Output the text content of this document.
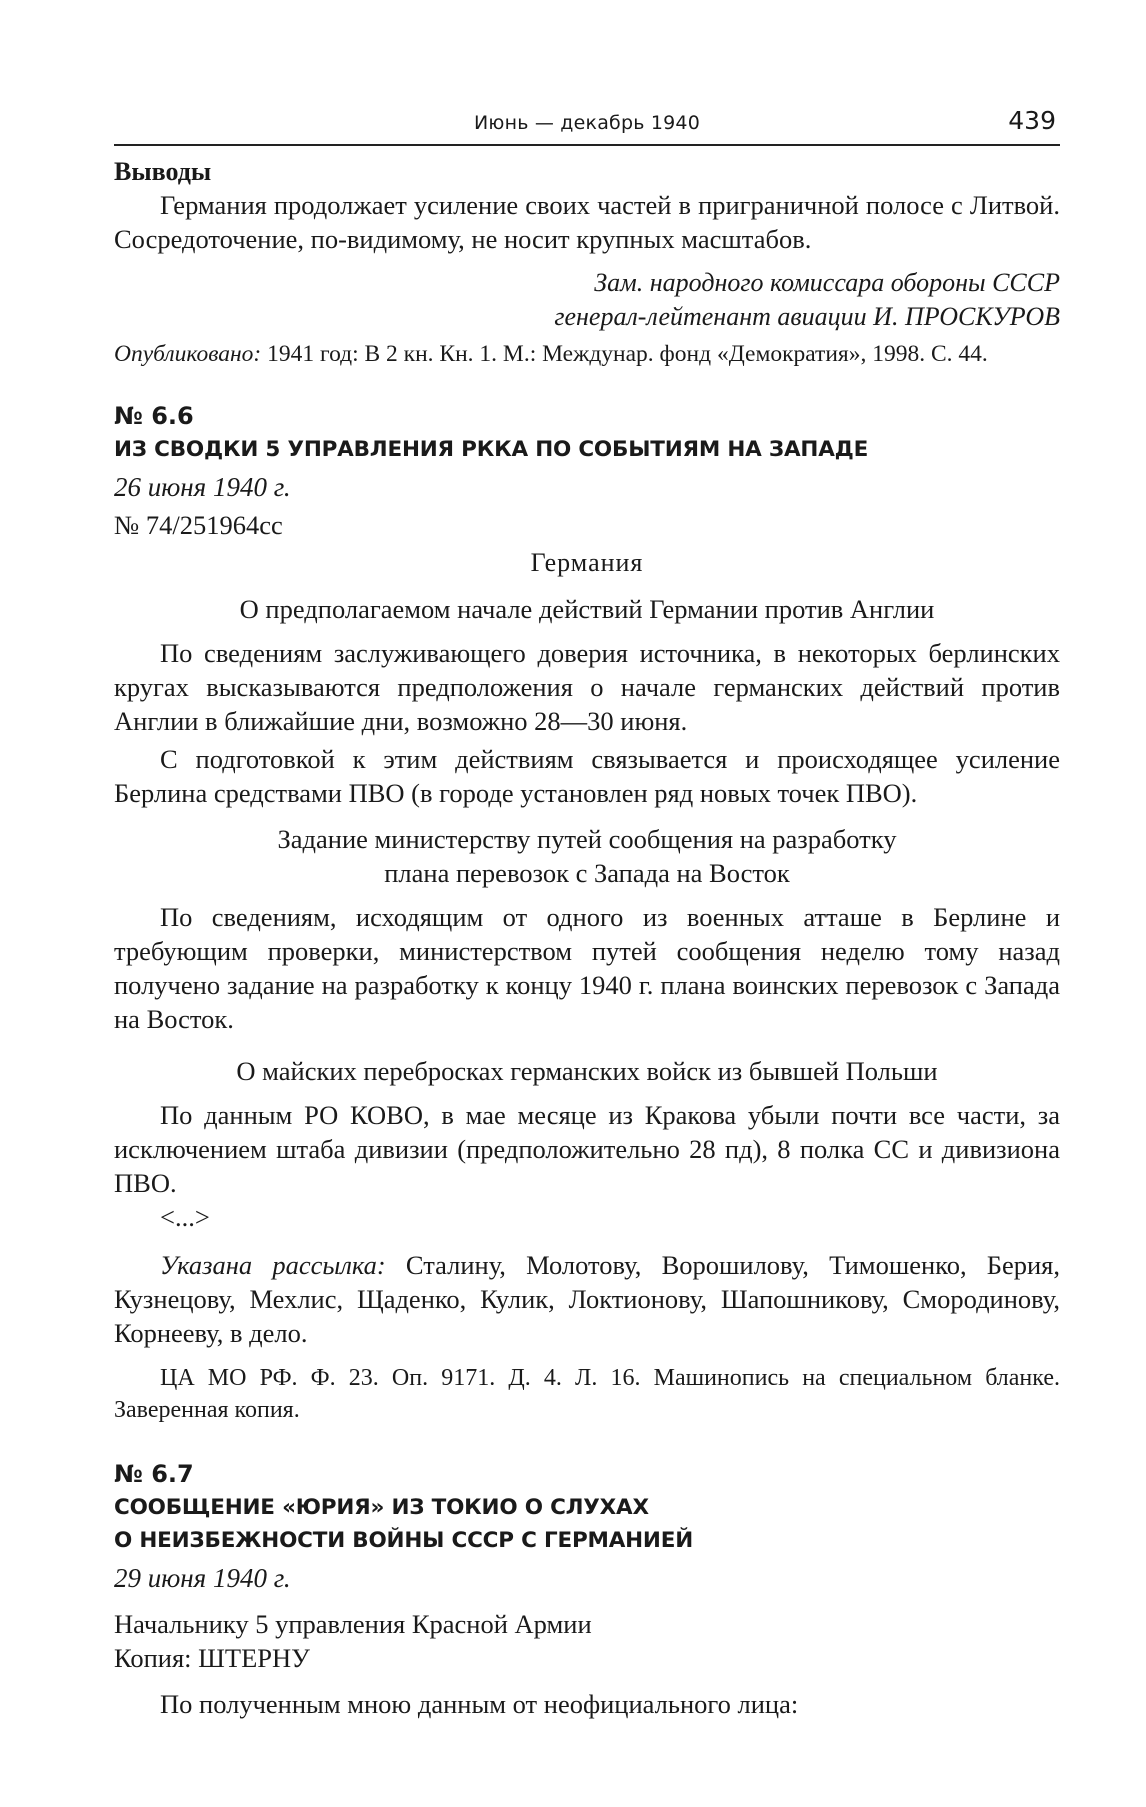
Июнь — декабрь 1940	439

Выводы

Германия продолжает усиление своих частей в приграничной полосе с Литвой. Сосредоточение, по-видимому, не носит крупных масштабов.

Зам. народного комиссара обороны СССР

генерал-лейтенант авиации И. ПРОСКУРОВ

Опубликовано: 1941 год: В 2 кн. Кн. 1. М.: Междунар. фонд «Демократия», 1998. С. 44.

№ 6.6

ИЗ СВОДКИ 5 УПРАВЛЕНИЯ РККА ПО СОБЫТИЯМ НА ЗАПАДЕ

26 июня 1940 г.

№ 74/251964сс

Германия

О предполагаемом начале действий Германии против Англии

По сведениям заслуживающего доверия источника, в некоторых берлинских кругах высказываются предположения о начале германских действий против Англии в ближайшие дни, возможно 28—30 июня.

С подготовкой к этим действиям связывается и происходящее усиление Берлина средствами ПВО (в городе установлен ряд новых точек ПВО).

Задание министерству путей сообщения на разработку

плана перевозок с Запада на Восток

По сведениям, исходящим от одного из военных атташе в Берлине и требующим проверки, министерством путей сообщения неделю тому назад получено задание на разработку к концу 1940 г. плана воинских перевозок с Запада на Восток.

О майских переброcках германских войск из бывшей Польши

По данным РО КОВО, в мае месяце из Кракова убыли почти все части, за исключением штаба дивизии (предположительно 28 пд), 8 полка СС и дивизиона ПВО.

<...>

Указана рассылка: Сталину, Молотову, Ворошилову, Тимошенко, Берия, Кузнецову, Мехлис, Щаденко, Кулик, Локтионову, Шапошникову, Смородинову, Корнееву, в дело.

ЦА МО РФ. Ф. 23. Оп. 9171. Д. 4. Л. 16. Машинопись на специальном бланке. Заверенная копия.

№ 6.7

СООБЩЕНИЕ «ЮРИЯ» ИЗ ТОКИО О СЛУХАХ

О НЕИЗБЕЖНОСТИ ВОЙНЫ СССР С ГЕРМАНИЕЙ

29 июня 1940 г.

Начальнику 5 управления Красной Армии

Копия: ШТЕРНУ

По полученным мною данным от неофициального лица:
